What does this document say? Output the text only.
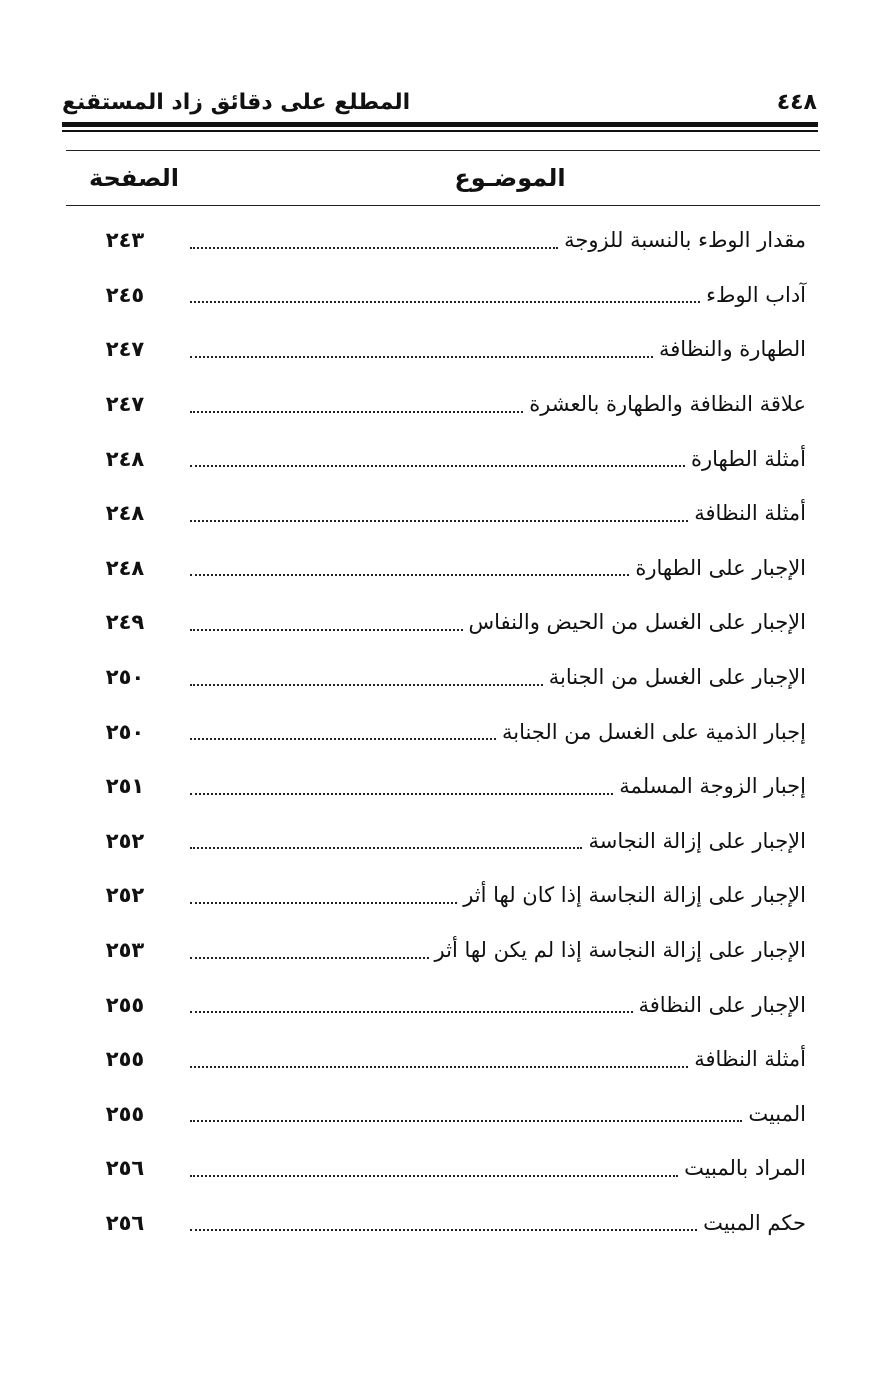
٤٤٨
المطلع على دقائق زاد المستقنع
الموضـوع
الصفحة
مقدار الوطء بالنسبة للزوجة
٢٤٣
آداب الوطء
٢٤٥
الطهارة والنظافة
٢٤٧
علاقة النظافة والطهارة بالعشرة
٢٤٧
أمثلة الطهارة
٢٤٨
أمثلة النظافة
٢٤٨
الإجبار على الطهارة
٢٤٨
الإجبار على الغسل من الحيض والنفاس
٢٤٩
الإجبار على الغسل من الجنابة
٢٥٠
إجبار الذمية على الغسل من الجنابة
٢٥٠
إجبار الزوجة المسلمة
٢٥١
الإجبار على إزالة النجاسة
٢٥٢
الإجبار على إزالة النجاسة إذا كان لها أثر
٢٥٢
الإجبار على إزالة النجاسة إذا لم يكن لها أثر
٢٥٣
الإجبار على النظافة
٢٥٥
أمثلة النظافة
٢٥٥
المبيت
٢٥٥
المراد بالمبيت
٢٥٦
حكم المبيت
٢٥٦
